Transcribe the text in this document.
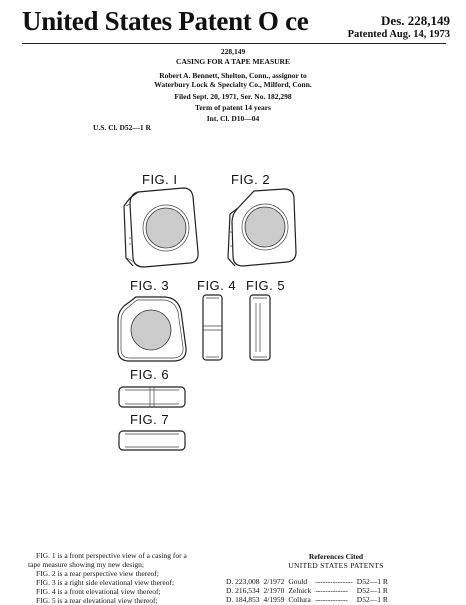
United States Patent O ce	Des. 228,149
Patented Aug. 14, 1973
228,149
CASING FOR A TAPE MEASURE
Robert A. Bennett, Shelton, Conn., assignor to
Waterbury Lock & Specialty Co., Milford, Conn.
Filed Sept. 20, 1971, Ser. No. 182,298
Term of patent 14 years
Int. Cl. D10—04
U.S. Cl. D52—1 R
FIG. I	FIG. 2
FIG. 3 FIG. 4 FIG. 5
FIG. 6
FIG. 7
FIG. 1 is a front perspective view of a casing for a
tape measure showing my new design;
FIG. 2 is a rear perspective view thereof;
FIG. 3 is a right side elevational view thereof;
FIG. 4 is a front elevational view thereof;
FIG. 5 is a rear elevational view thereof;
References Cited
UNITED STATES PATENTS
D. 223,008	2/1972	Gould	---------------	D52—1 R
D. 216,534	2/1970	Zelnick	-------------	D52—1 R
D. 184,853	4/1959	Collura	-------------	D52—1 R
